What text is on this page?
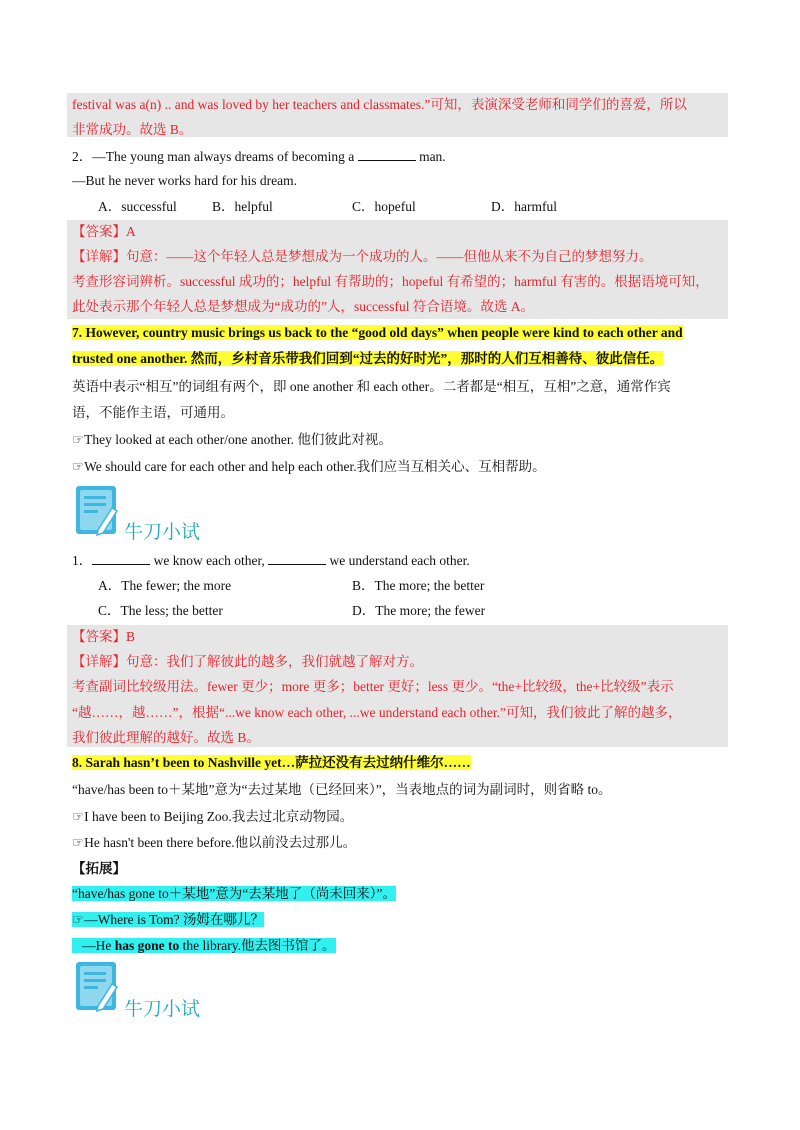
festival was a(n) .. and was loved by her teachers and classmates.”可知，表演深受老师和同学们的喜爱，所以
非常成功。故选 B。
2．—The young man always dreams of becoming a	man.
—But he never works hard for his dream.
A．successful	B．helpful	C．hopeful	D．harmful
【答案】A
【详解】句意：——这个年轻人总是梦想成为一个成功的人。——但他从来不为自己的梦想努力。
考查形容词辨析。successful 成功的；helpful 有帮助的；hopeful 有希望的；harmful 有害的。根据语境可知，
此处表示那个年轻人总是梦想成为“成功的”人，successful 符合语境。故选 A。
7. However, country music brings us back to the “good old days” when people were kind to each other and
trusted one another. 然而，乡村音乐带我们回到“过去的好时光”，那时的人们互相善待、彼此信任。
英语中表示“相互”的词组有两个，即 one another 和 each other。二者都是“相互，互相”之意，通常作宾
语，不能作主语，可通用。
☞They looked at each other/one another. 他们彼此对视。
☞We should care for each other and help each other.我们应当互相关心、互相帮助。
牛刀小试
1．	we know each other,	we understand each other.
A．The fewer; the more	B．The more; the better
C．The less; the better	D．The more; the fewer
【答案】B
【详解】句意：我们了解彼此的越多，我们就越了解对方。
考查副词比较级用法。fewer 更少；more 更多；better 更好；less 更少。“the+比较级，the+比较级”表示
“越……，越……”，根据“...we know each other, ...we understand each other.”可知，我们彼此了解的越多，
我们彼此理解的越好。故选 B。
8. Sarah hasn’t been to Nashville yet…萨拉还没有去过纳什维尔……
“have/has been to＋某地”意为“去过某地（已经回来）”，当表地点的词为副词时，则省略 to。
☞I have been to Beijing Zoo.我去过北京动物园。
☞He hasn't been there before.他以前没去过那儿。
【拓展】
“have/has gone to＋某地”意为“去某地了（尚未回来）”。
☞—Where is Tom? 汤姆在哪儿？
—He has gone to the library.他去图书馆了。
牛刀小试
